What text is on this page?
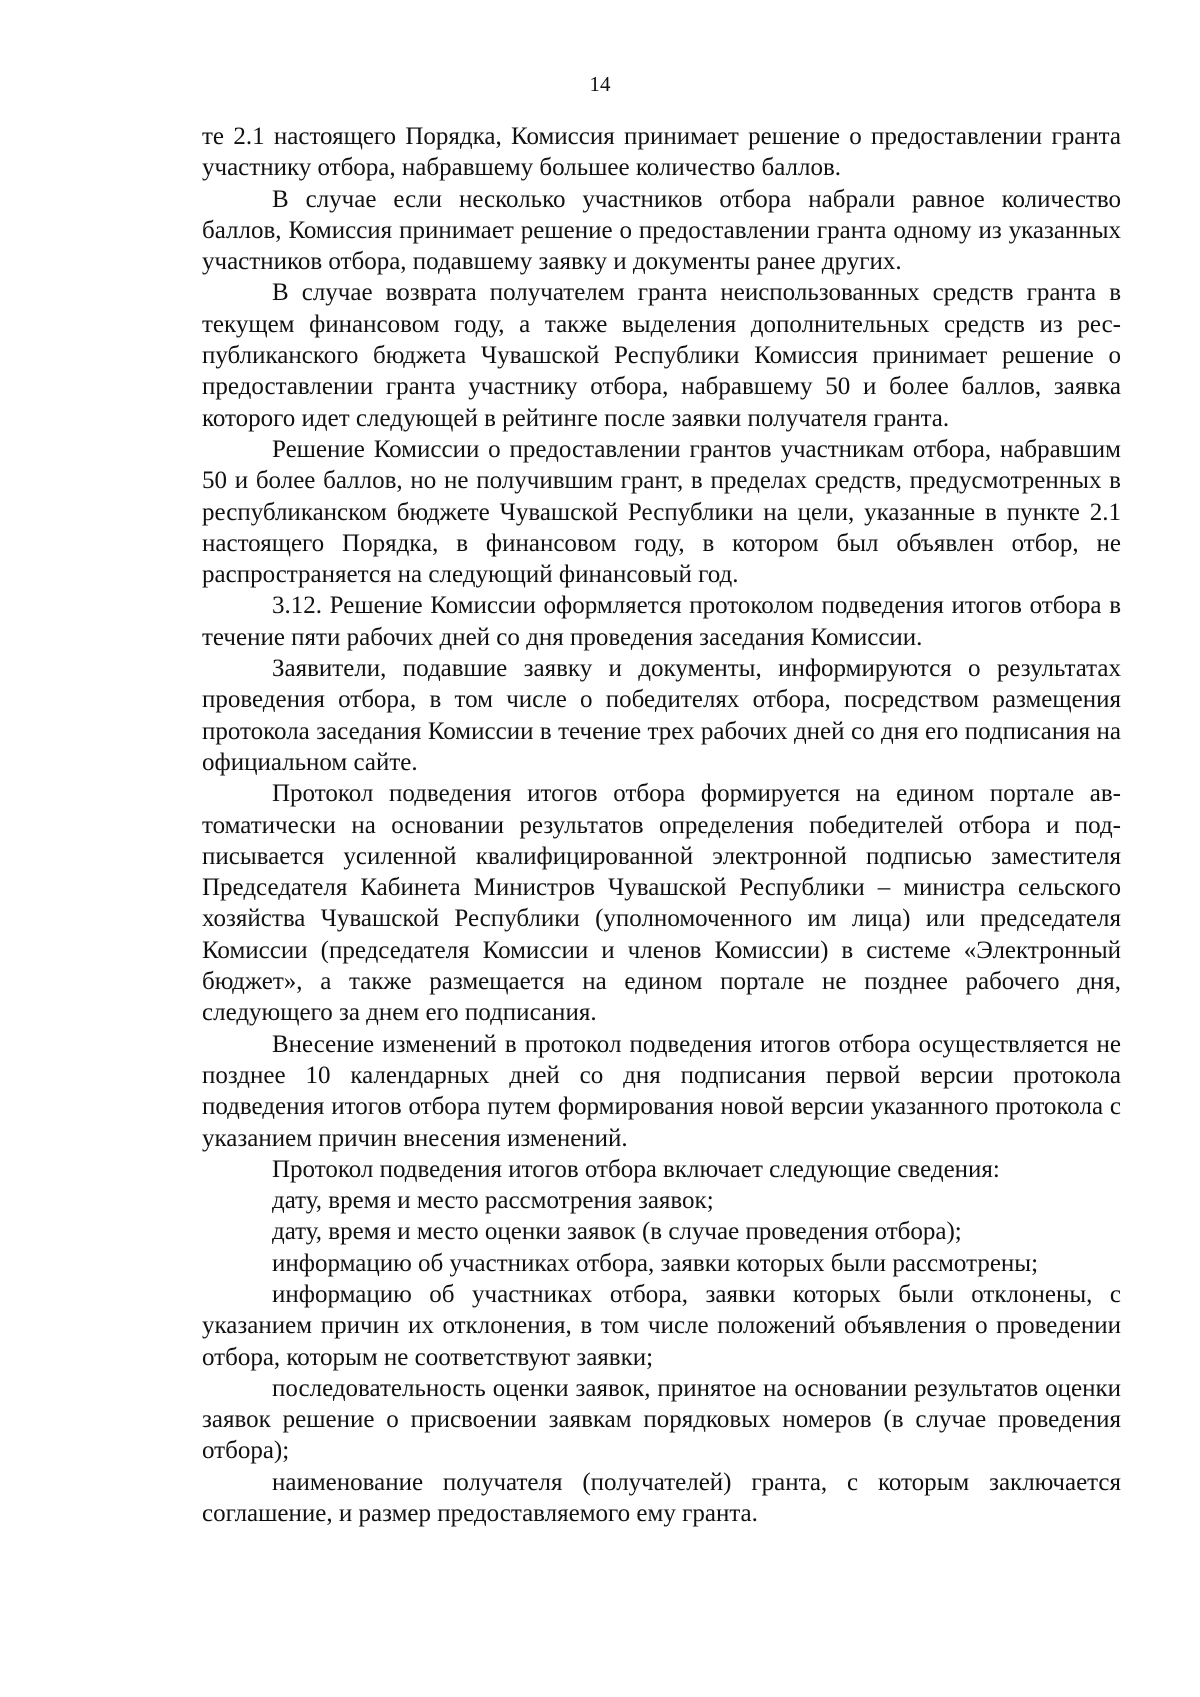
14

те 2.1 настоящего Порядка, Комиссия принимает решение о предоставлении гранта участнику отбора, набравшему большее количество баллов.

В случае если несколько участников отбора набрали равное количество баллов, Комиссия принимает решение о предоставлении гранта одному из указанных участников отбора, подавшему заявку и документы ранее других.

В случае возврата получателем гранта неиспользованных средств гранта в текущем финансовом году, а также выделения дополнительных средств из республиканского бюджета Чувашской Республики Комиссия принимает решение о предоставлении гранта участнику отбора, набравшему 50 и более баллов, заявка которого идет следующей в рейтинге после заявки получателя гранта.

Решение Комиссии о предоставлении грантов участникам отбора, набравшим 50 и более баллов, но не получившим грант, в пределах средств, предусмотренных в республиканском бюджете Чувашской Республики на цели, указанные в пункте 2.1 настоящего Порядка, в финансовом году, в котором был объявлен отбор, не распространяется на следующий финансовый год.

3.12. Решение Комиссии оформляется протоколом подведения итогов отбора в течение пяти рабочих дней со дня проведения заседания Комиссии.

Заявители, подавшие заявку и документы, информируются о результатах проведения отбора, в том числе о победителях отбора, посредством размещения протокола заседания Комиссии в течение трех рабочих дней со дня его подписания на официальном сайте.

Протокол подведения итогов отбора формируется на едином портале автоматически на основании результатов определения победителей отбора и подписывается усиленной квалифицированной электронной подписью заместителя Председателя Кабинета Министров Чувашской Республики – министра сельского хозяйства Чувашской Республики (уполномоченного им лица) или председателя Комиссии (председателя Комиссии и членов Комиссии) в системе «Электронный бюджет», а также размещается на едином портале не позднее рабочего дня, следующего за днем его подписания.

Внесение изменений в протокол подведения итогов отбора осуществляется не позднее 10 календарных дней со дня подписания первой версии протокола подведения итогов отбора путем формирования новой версии указанного протокола с указанием причин внесения изменений.

Протокол подведения итогов отбора включает следующие сведения:

дату, время и место рассмотрения заявок;

дату, время и место оценки заявок (в случае проведения отбора);

информацию об участниках отбора, заявки которых были рассмотрены;

информацию об участниках отбора, заявки которых были отклонены, с указанием причин их отклонения, в том числе положений объявления о проведении отбора, которым не соответствуют заявки;

последовательность оценки заявок, принятое на основании результатов оценки заявок решение о присвоении заявкам порядковых номеров (в случае проведения отбора);

наименование получателя (получателей) гранта, с которым заключается соглашение, и размер предоставляемого ему гранта.
